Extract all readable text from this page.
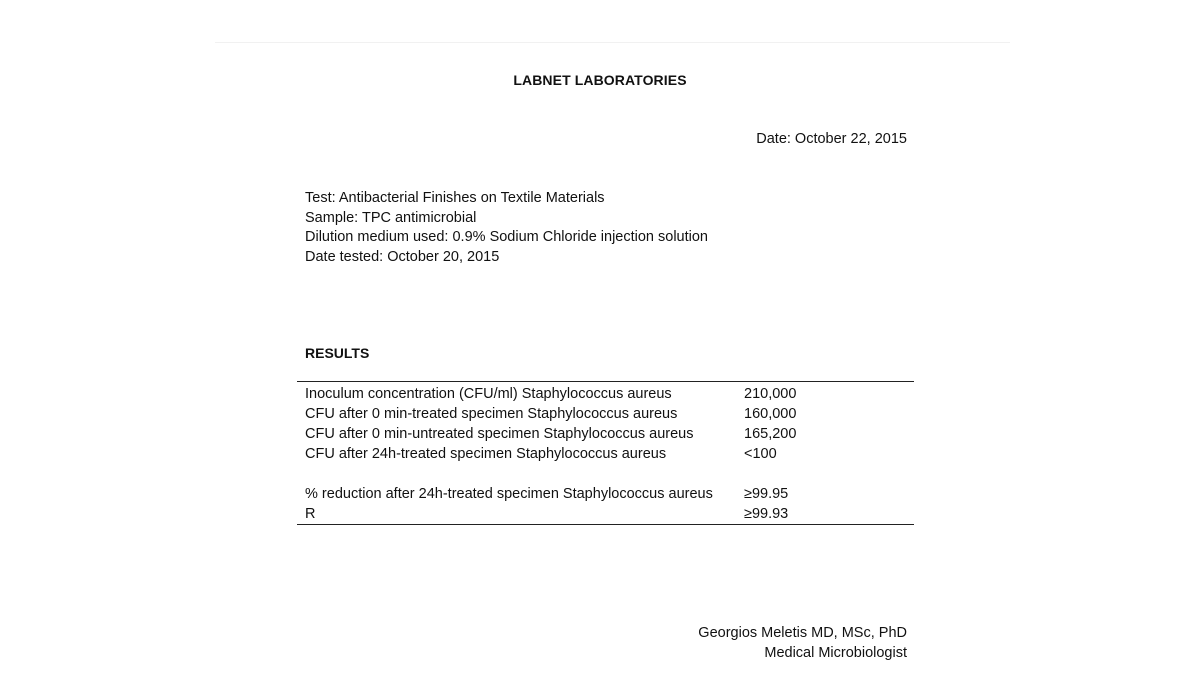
LABNET LABORATORIES
Date: October 22, 2015
Test: Antibacterial Finishes on Textile Materials
Sample: TPC antimicrobial
Dilution medium used: 0.9% Sodium Chloride injection solution
Date tested: October 20, 2015
RESULTS
Inoculum concentration (CFU/ml) Staphylococcus aureus	210,000
CFU after 0 min-treated specimen Staphylococcus aureus	160,000
CFU after 0 min-untreated specimen Staphylococcus aureus	165,200
CFU after 24h-treated specimen Staphylococcus aureus	<100

% reduction after 24h-treated specimen Staphylococcus aureus	≥99.95
R	≥99.93
Georgios Meletis MD, MSc, PhD
Medical Microbiologist
